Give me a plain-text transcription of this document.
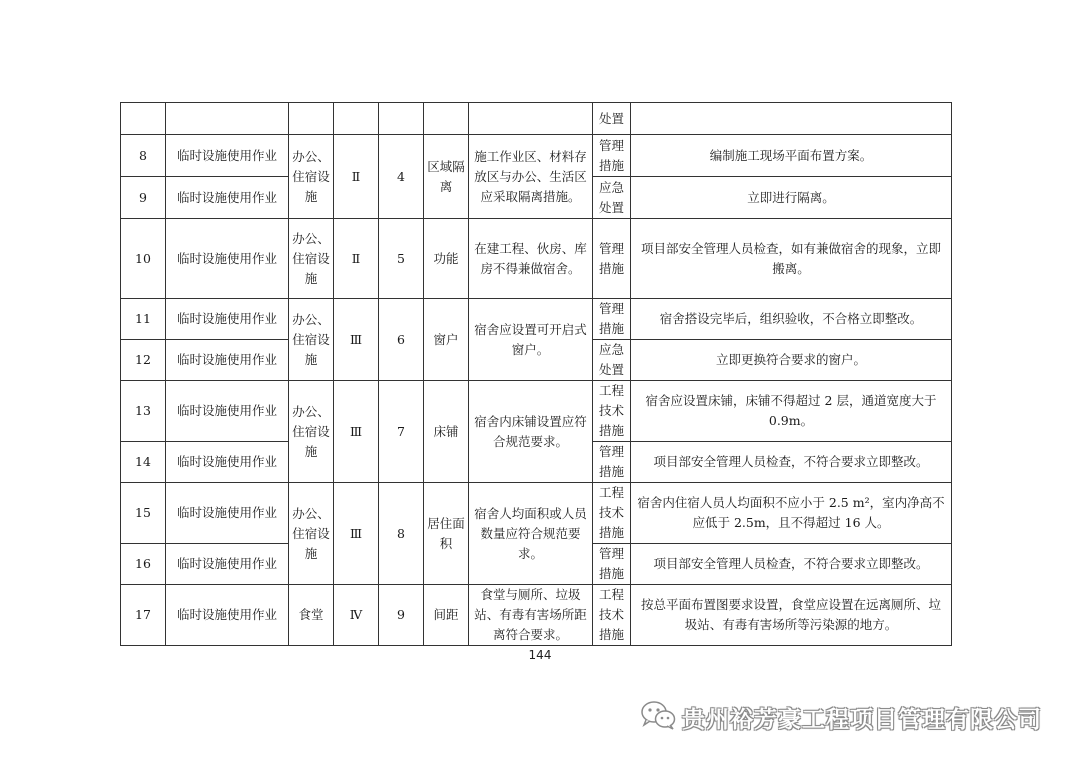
							处置	
8	临时设施使用作业	办公、住宿设施	Ⅱ	4	区域隔离	施工作业区、材料存放区与办公、生活区应采取隔离措施。	管理措施	编制施工现场平面布置方案。
9	临时设施使用作业						应急处置	立即进行隔离。
10	临时设施使用作业	办公、住宿设施	Ⅱ	5	功能	在建工程、伙房、库房不得兼做宿舍。	管理措施	项目部安全管理人员检查，如有兼做宿舍的现象，立即搬离。
11	临时设施使用作业	办公、住宿设施	Ⅲ	6	窗户	宿舍应设置可开启式窗户。	管理措施	宿舍搭设完毕后，组织验收，不合格立即整改。
12	临时设施使用作业						应急处置	立即更换符合要求的窗户。
13	临时设施使用作业	办公、住宿设施	Ⅲ	7	床铺	宿舍内床铺设置应符合规范要求。	工程技术措施	宿舍应设置床铺，床铺不得超过 2 层，通道宽度大于 0.9m。
14	临时设施使用作业						管理措施	项目部安全管理人员检查，不符合要求立即整改。
15	临时设施使用作业	办公、住宿设施	Ⅲ	8	居住面积	宿舍人均面积或人员数量应符合规范要求。	工程技术措施	宿舍内住宿人员人均面积不应小于 2.5 m²，室内净高不应低于 2.5m，且不得超过 16 人。
16	临时设施使用作业						管理措施	项目部安全管理人员检查，不符合要求立即整改。
17	临时设施使用作业	食堂	Ⅳ	9	间距	食堂与厕所、垃圾站、有毒有害场所距离符合要求。	工程技术措施	按总平面布置图要求设置，食堂应设置在远离厕所、垃圾站、有毒有害场所等污染源的地方。
144
贵州裕芳豪工程项目管理有限公司
